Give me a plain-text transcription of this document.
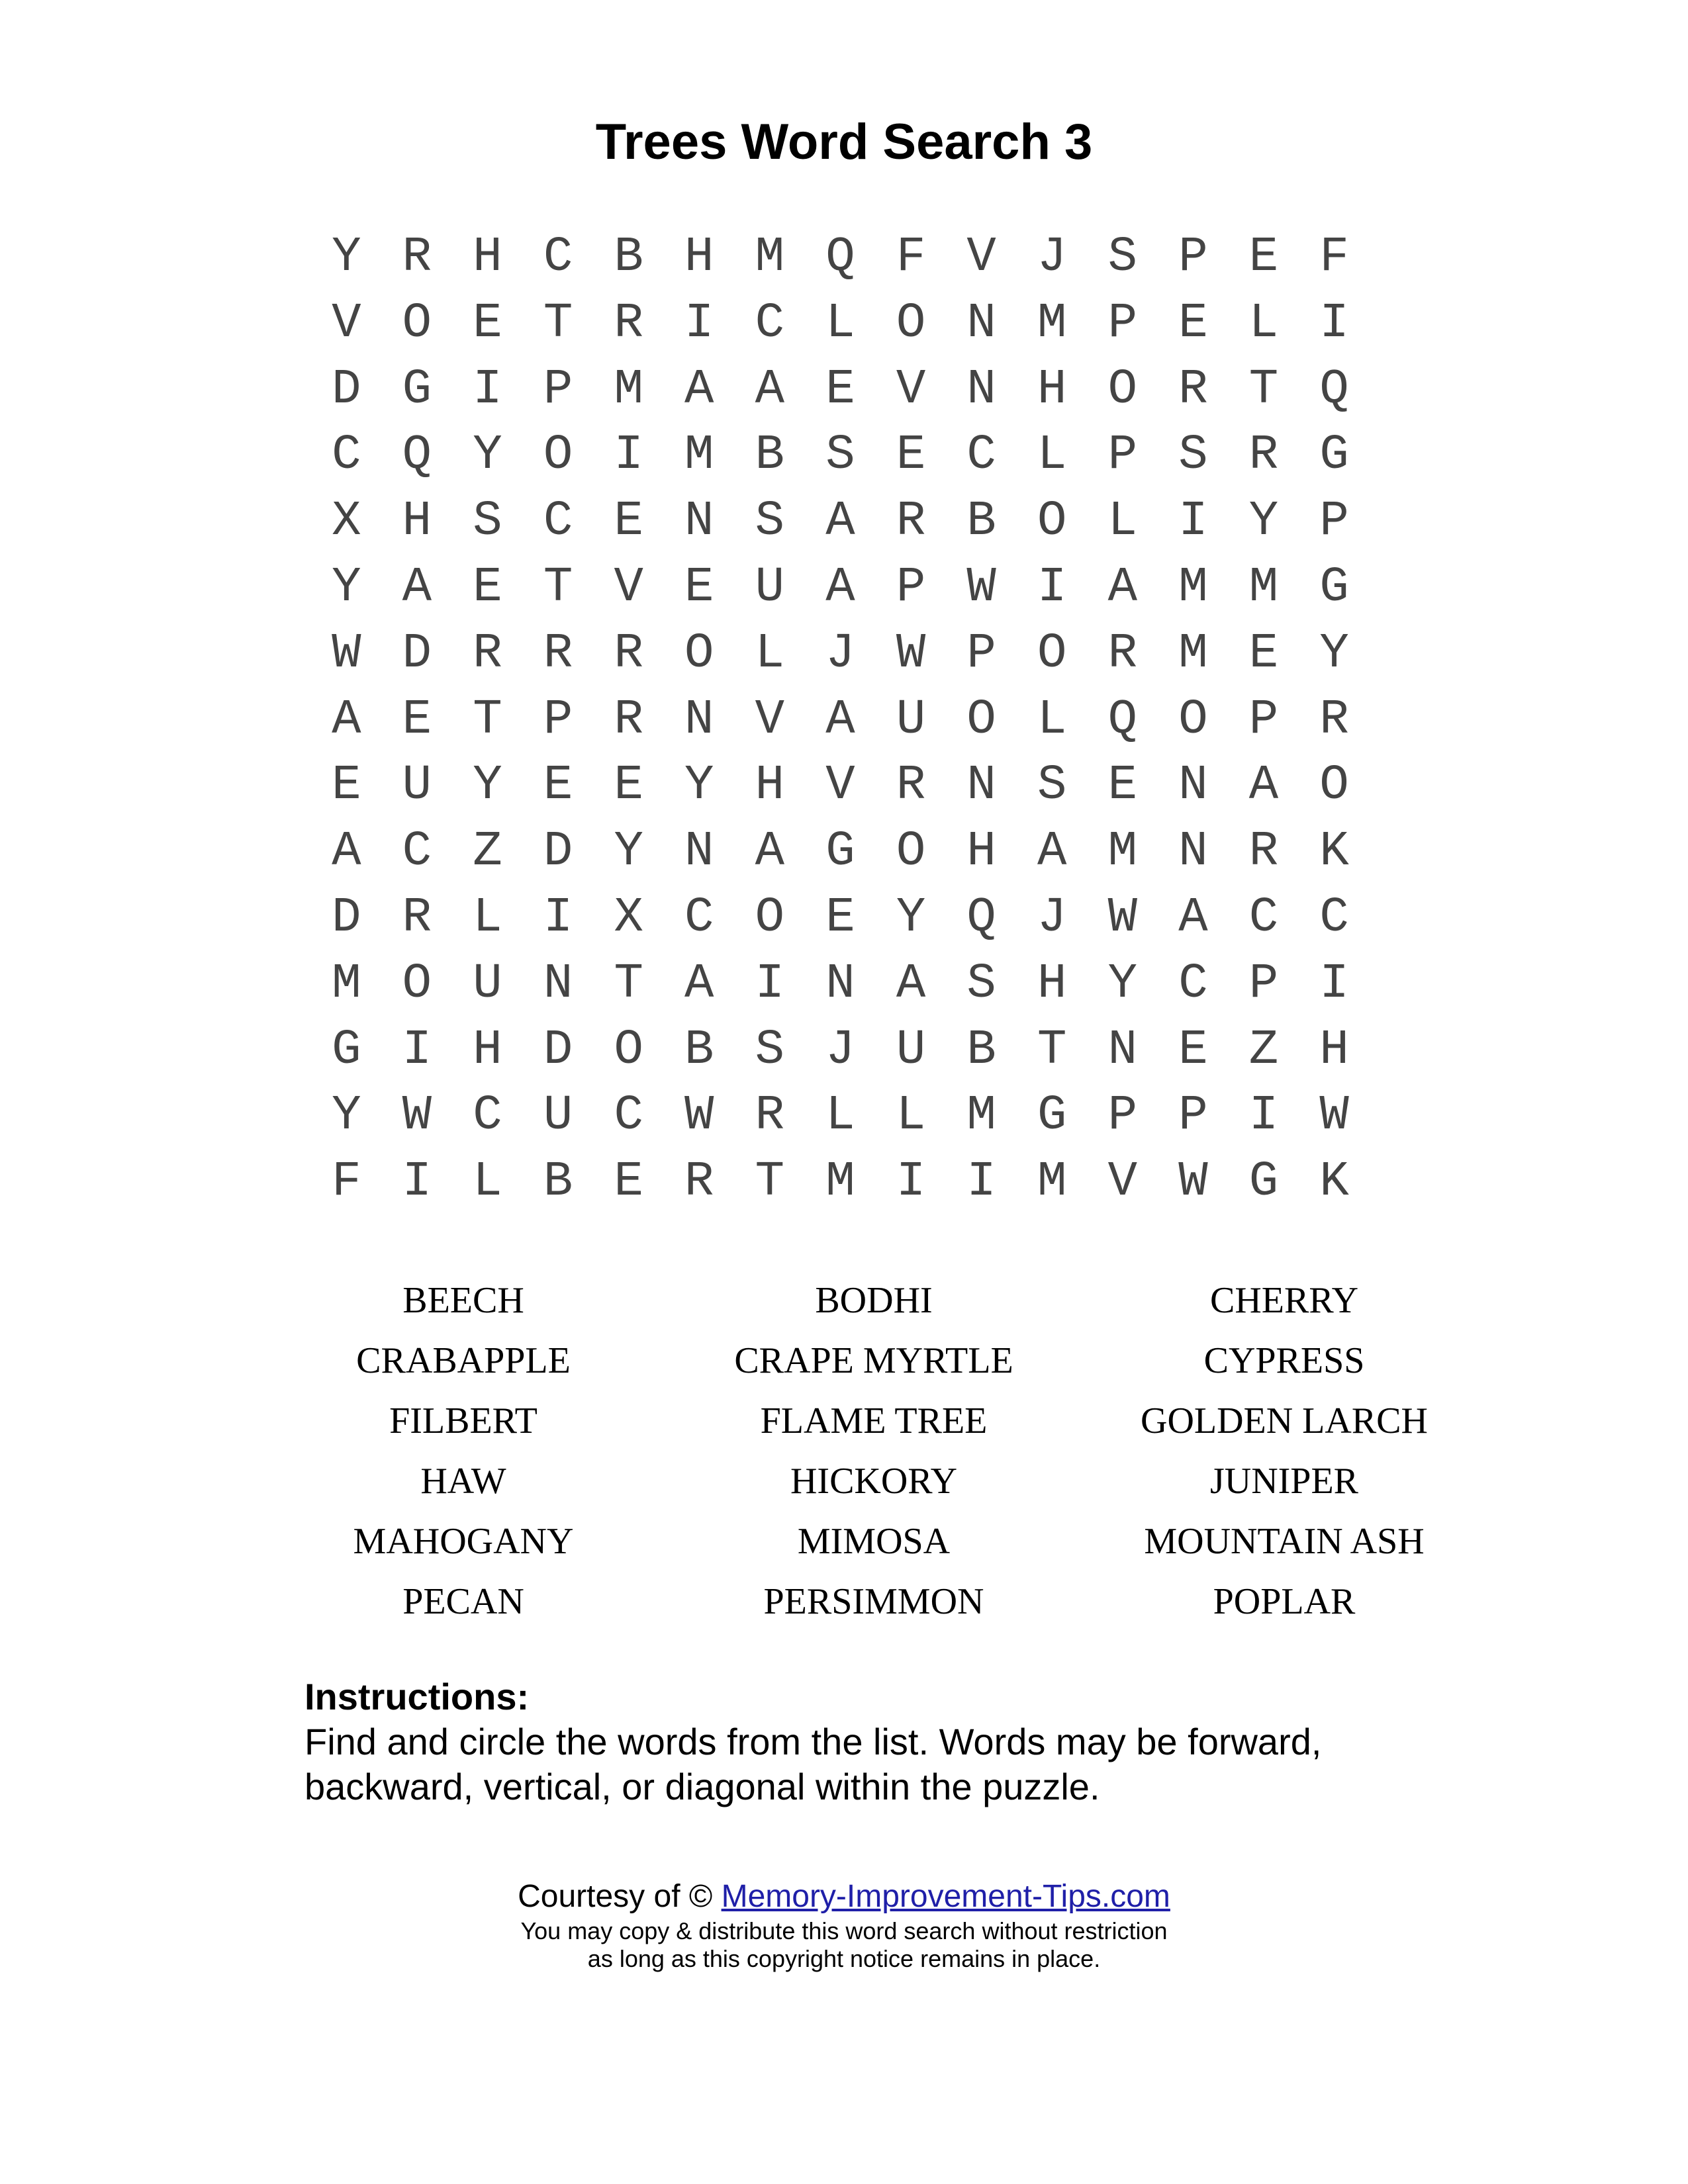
Trees Word Search 3
Y R H C B H M Q F V J S P E F
V O E T R I C L O N M P E L I
D G I P M A A E V N H O R T Q
C Q Y O I M B S E C L P S R G
X H S C E N S A R B O L I Y P
Y A E T V E U A P W I A M M G
W D R R R O L J W P O R M E Y
A E T P R N V A U O L Q O P R
E U Y E E Y H V R N S E N A O
A C Z D Y N A G O H A M N R K
D R L I X C O E Y Q J W A C C
M O U N T A I N A S H Y C P I
G I H D O B S J U B T N E Z H
Y W C U C W R L L M G P P I W
F I L B E R T M I I M V W G K
BEECH	BODHI	CHERRY
CRABAPPLE	CRAPE MYRTLE	CYPRESS
FILBERT	FLAME TREE	GOLDEN LARCH
HAW	HICKORY	JUNIPER
MAHOGANY	MIMOSA	MOUNTAIN ASH
PECAN	PERSIMMON	POPLAR
Instructions:
Find and circle the words from the list. Words may be forward, backward, vertical, or diagonal within the puzzle.
Courtesy of © Memory-Improvement-Tips.com
You may copy & distribute this word search without restriction
as long as this copyright notice remains in place.
